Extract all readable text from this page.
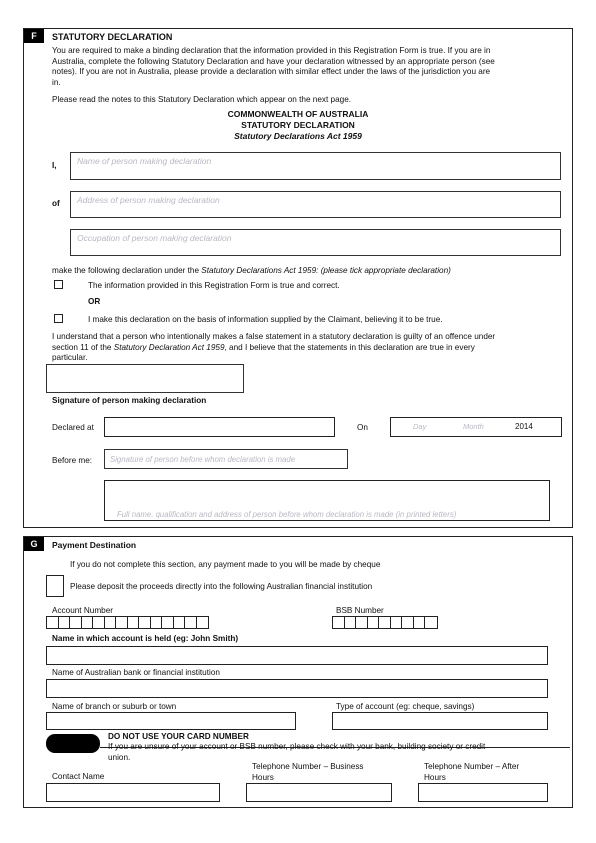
F	STATUTORY DECLARATION
You are required to make a binding declaration that the information provided in this Registration Form is true. If you are in
Australia, complete the following Statutory Declaration and have your declaration witnessed by an appropriate person (see
notes). If you are not in Australia, please provide a declaration with similar effect under the laws of the jurisdiction you are
in.
Please read the notes to this Statutory Declaration which appear on the next page.
COMMONWEALTH OF AUSTRALIA
STATUTORY DECLARATION
Statutory Declarations Act 1959
I, Name of person making declaration
of Address of person making declaration
Occupation of person making declaration
make the following declaration under the Statutory Declarations Act 1959: (please tick appropriate declaration)
The information provided in this Registration Form is true and correct.
OR
I make this declaration on the basis of information supplied by the Claimant, believing it to be true.
I understand that a person who intentionally makes a false statement in a statutory declaration is guilty of an offence under
section 11 of the Statutory Declaration Act 1959, and I believe that the statements in this declaration are true in every
particular.
Signature of person making declaration
Declared at	On	Day	Month	2014
Before me: Signature of person before whom declaration is made
Full name, qualification and address of person before whom declaration is made (in printed letters)
G	Payment Destination
If you do not complete this section, any payment made to you will be made by cheque
Please deposit the proceeds directly into the following Australian financial institution
Account Number	BSB Number
Name in which account is held (eg: John Smith)
Name of Australian bank or financial institution
Name of branch or suburb or town	Type of account (eg: cheque, savings)
DO NOT USE YOUR CARD NUMBER
If you are unsure of your account or BSB number, please check with your bank, building society or credit
union.
Contact Name
Telephone Number – Business
Hours
Telephone Number – After
Hours
